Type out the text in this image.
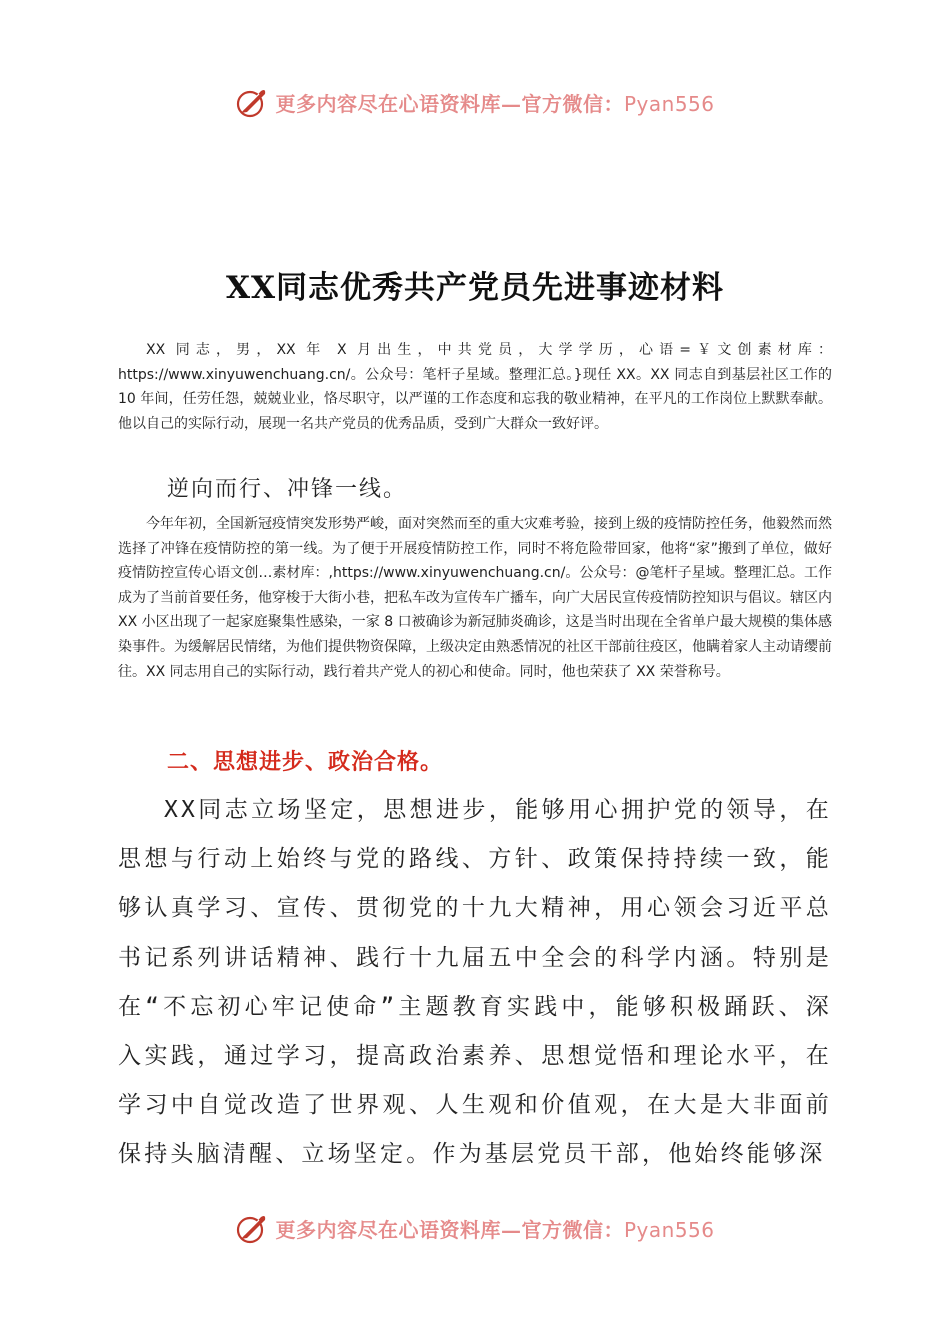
更多内容尽在心语资料库—官方微信：Pyan556
XX同志优秀共产党员先进事迹材料

XX 同志，男，XX 年 X 月出生，中共党员，大学学历，心语=￥文创素材库：https://www.xinyuwenchuang.cn/。公众号：笔杆子星域。整理汇总。}现任 XX。XX 同志自到基层社区工作的 10 年间，任劳任怨，兢兢业业，恪尽职守，以严谨的工作态度和忘我的敬业精神，在平凡的工作岗位上默默奉献。他以自己的实际行动，展现一名共产党员的优秀品质，受到广大群众一致好评。

逆向而行、冲锋一线。

今年年初，全国新冠疫情突发形势严峻，面对突然而至的重大灾难考验，接到上级的疫情防控任务，他毅然而然选择了冲锋在疫情防控的第一线。为了便于开展疫情防控工作，同时不将危险带回家，他将“家”搬到了单位，做好疫情防控宣传心语文创…素材库：,https://www.xinyuwenchuang.cn/。公众号：@笔杆子星域。整理汇总。工作成为了当前首要任务，他穿梭于大街小巷，把私车改为宣传车广播车，向广大居民宣传疫情防控知识与倡议。辖区内 XX 小区出现了一起家庭聚集性感染，一家 8 口被确诊为新冠肺炎确诊，这是当时出现在全省单户最大规模的集体感染事件。为缓解居民情绪，为他们提供物资保障，上级决定由熟悉情况的社区干部前往疫区，他瞒着家人主动请缨前往。XX 同志用自己的实际行动，践行着共产党人的初心和使命。同时，他也荣获了 XX 荣誉称号。

二、思想进步、政治合格。

XX同志立场坚定，思想进步，能够用心拥护党的领导，在思想与行动上始终与党的路线、方针、政策保持持续一致，能够认真学习、宣传、贯彻党的十九大精神，用心领会习近平总书记系列讲话精神、践行十九届五中全会的科学内涵。特别是在“不忘初心牢记使命”主题教育实践中，能够积极踊跃、深入实践，通过学习，提高政治素养、思想觉悟和理论水平，在学习中自觉改造了世界观、人生观和价值观，在大是大非面前保持头脑清醒、立场坚定。作为基层党员干部，他始终能够深

更多内容尽在心语资料库—官方微信：Pyan556
